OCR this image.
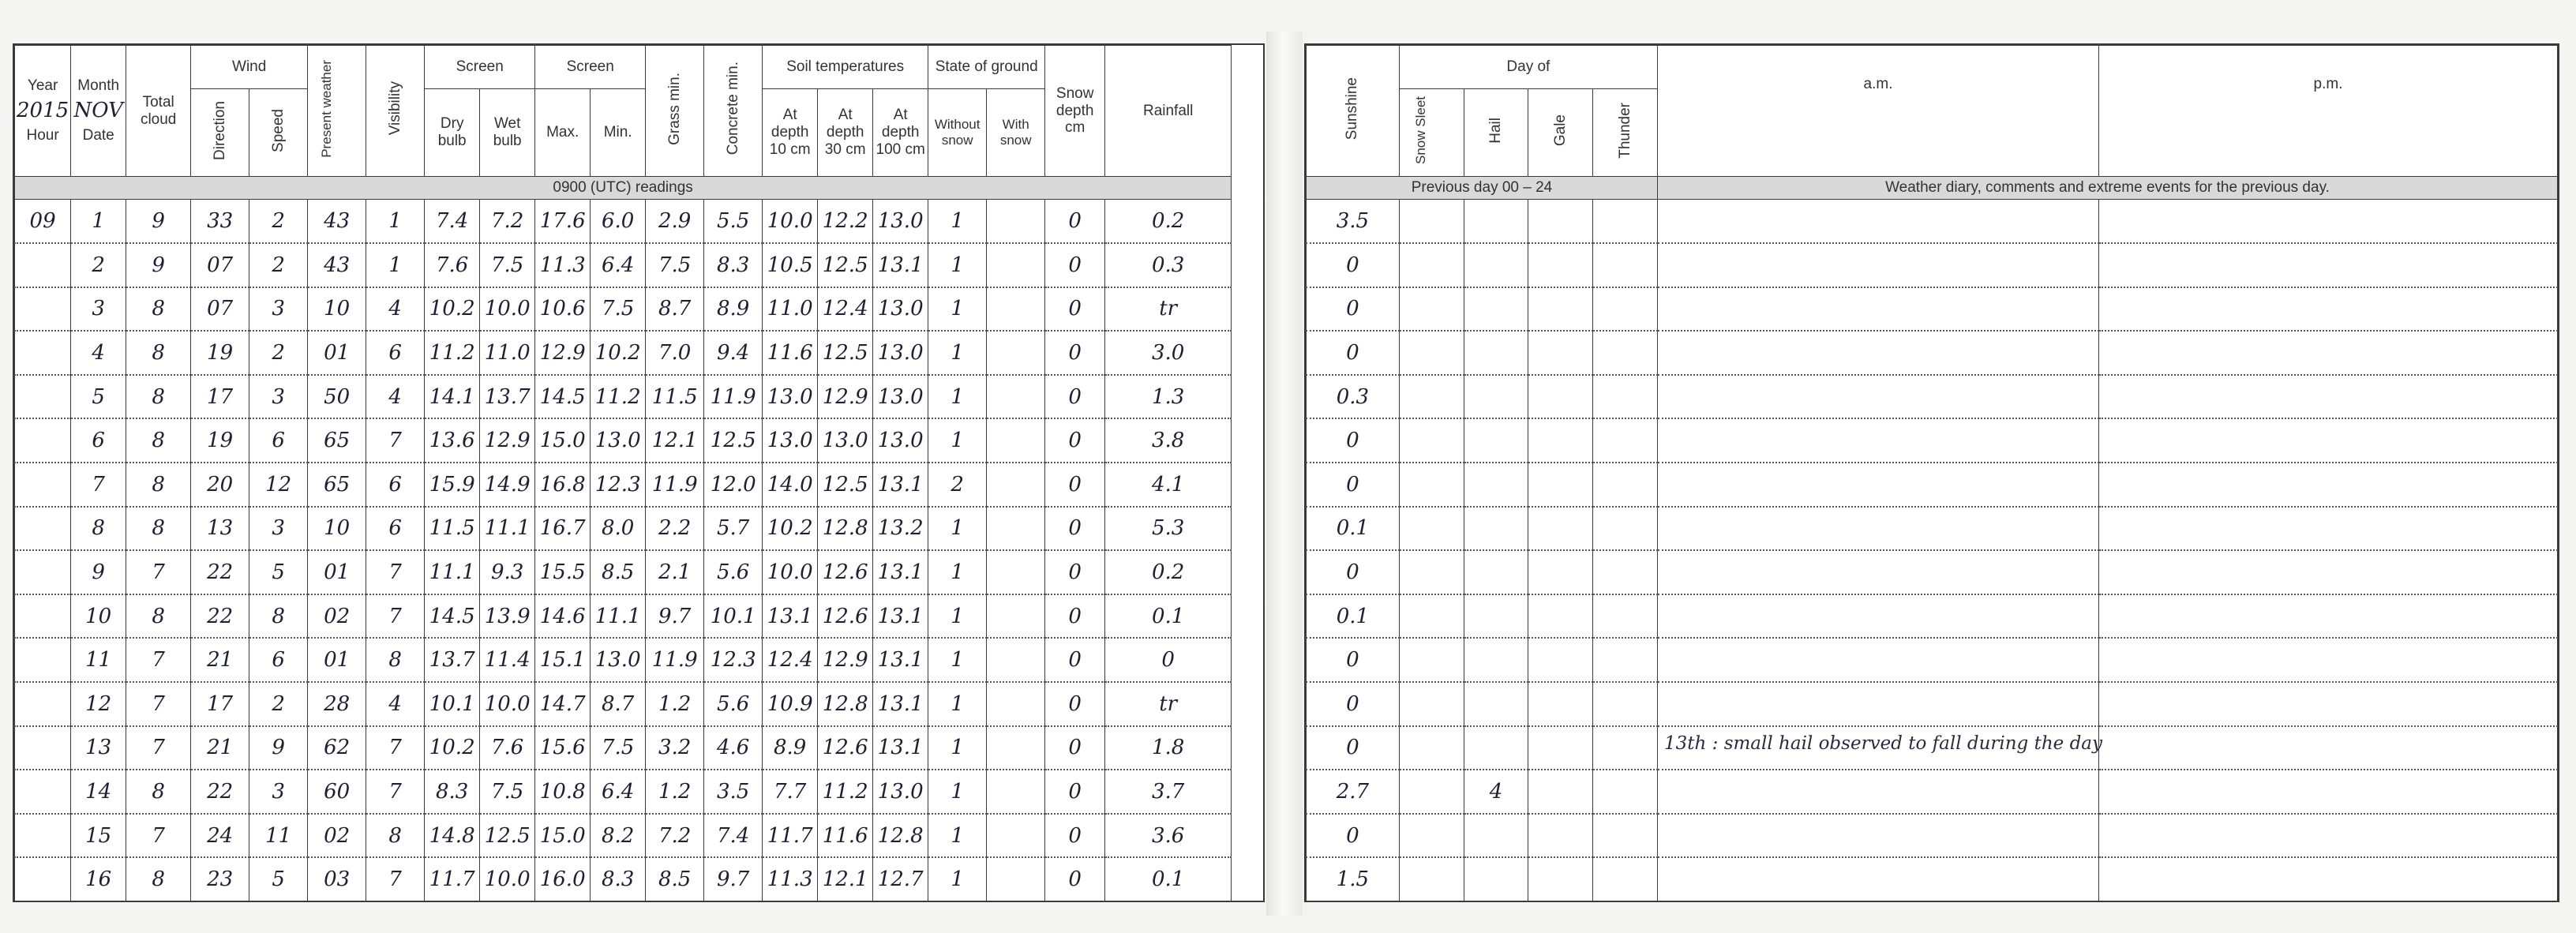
Year
2015
Hour	Month
NOV
Date	Total cloud	Wind		Present weather	Visibility	Screen		Screen		Grass min.	Concrete min.	Soil temperatures			State of ground		Snow depth cm	Rainfall
			Direction	Speed			Dry bulb	Wet bulb	Max.	Min.			At depth 10 cm	At depth 30 cm	At depth 100 cm	Without snow	With snow		
0900 (UTC) readings																			
09	1	9	33	2	43	1	7.4	7.2	17.6	6.0	2.9	5.5	10.0	12.2	13.0	1		0	0.2
	2	9	07	2	43	1	7.6	7.5	11.3	6.4	7.5	8.3	10.5	12.5	13.1	1		0	0.3
	3	8	07	3	10	4	10.2	10.0	10.6	7.5	8.7	8.9	11.0	12.4	13.0	1		0	tr
	4	8	19	2	01	6	11.2	11.0	12.9	10.2	7.0	9.4	11.6	12.5	13.0	1		0	3.0
	5	8	17	3	50	4	14.1	13.7	14.5	11.2	11.5	11.9	13.0	12.9	13.0	1		0	1.3
	6	8	19	6	65	7	13.6	12.9	15.0	13.0	12.1	12.5	13.0	13.0	13.0	1		0	3.8
	7	8	20	12	65	6	15.9	14.9	16.8	12.3	11.9	12.0	14.0	12.5	13.1	2		0	4.1
	8	8	13	3	10	6	11.5	11.1	16.7	8.0	2.2	5.7	10.2	12.8	13.2	1		0	5.3
	9	7	22	5	01	7	11.1	9.3	15.5	8.5	2.1	5.6	10.0	12.6	13.1	1		0	0.2
	10	8	22	8	02	7	14.5	13.9	14.6	11.1	9.7	10.1	13.1	12.6	13.1	1		0	0.1
	11	7	21	6	01	8	13.7	11.4	15.1	13.0	11.9	12.3	12.4	12.9	13.1	1		0	0
	12	7	17	2	28	4	10.1	10.0	14.7	8.7	1.2	5.6	10.9	12.8	13.1	1		0	tr
	13	7	21	9	62	7	10.2	7.6	15.6	7.5	3.2	4.6	8.9	12.6	13.1	1		0	1.8
	14	8	22	3	60	7	8.3	7.5	10.8	6.4	1.2	3.5	7.7	11.2	13.0	1		0	3.7
	15	7	24	11	02	8	14.8	12.5	15.0	8.2	7.2	7.4	11.7	11.6	12.8	1		0	3.6
	16	8	23	5	03	7	11.7	10.0	16.0	8.3	8.5	9.7	11.3	12.1	12.7	1		0	0.1
Sunshine	Day of				a.m.	p.m.
	Snow Sleet	Hail	Gale	Thunder		
Previous day 00 – 24					Weather diary, comments and extreme events for the previous day.	
3.5						
0						
0						
0						
0.3						
0						
0						
0.1						
0						
0.1						
0						
0						
0					13th : small hail observed to fall during the day	

2.7		4				
0						
1.5						
